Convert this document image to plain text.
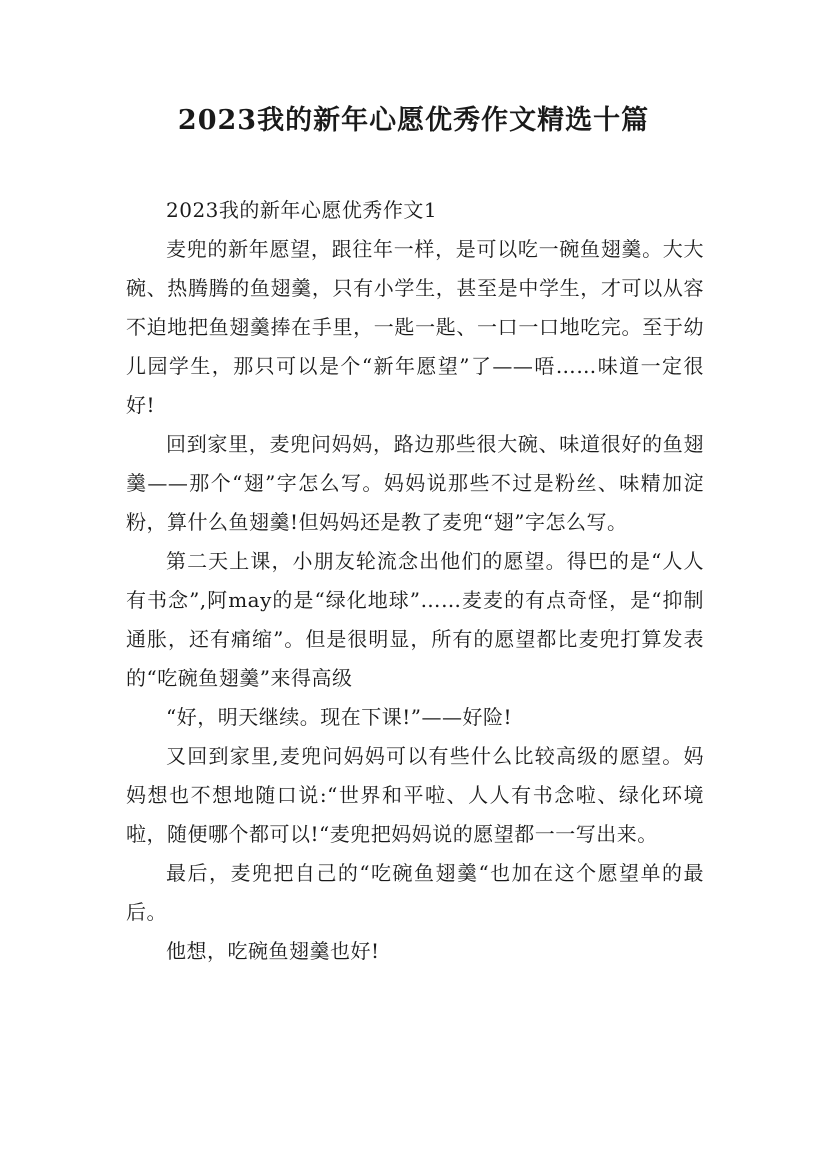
2023我的新年心愿优秀作文精选十篇

2023我的新年心愿优秀作文1

麦兜的新年愿望，跟往年一样，是可以吃一碗鱼翅羹。大大碗、热腾腾的鱼翅羹，只有小学生，甚至是中学生，才可以从容不迫地把鱼翅羹捧在手里，一匙一匙、一口一口地吃完。至于幼儿园学生，那只可以是个“新年愿望”了——唔……味道一定很好!

回到家里，麦兜问妈妈，路边那些很大碗、味道很好的鱼翅羹——那个“翅”字怎么写。妈妈说那些不过是粉丝、味精加淀粉，算什么鱼翅羹!但妈妈还是教了麦兜“翅”字怎么写。

第二天上课，小朋友轮流念出他们的愿望。得巴的是“人人有书念”,阿may的是“绿化地球”……麦麦的有点奇怪，是“抑制通胀，还有痛缩”。但是很明显，所有的愿望都比麦兜打算发表的“吃碗鱼翅羹”来得高级

“好，明天继续。现在下课!”——好险!

又回到家里,麦兜问妈妈可以有些什么比较高级的愿望。妈妈想也不想地随口说:“世界和平啦、人人有书念啦、绿化环境啦，随便哪个都可以!“麦兜把妈妈说的愿望都一一写出来。

最后，麦兜把自己的“吃碗鱼翅羹“也加在这个愿望单的最后。

他想，吃碗鱼翅羹也好!
